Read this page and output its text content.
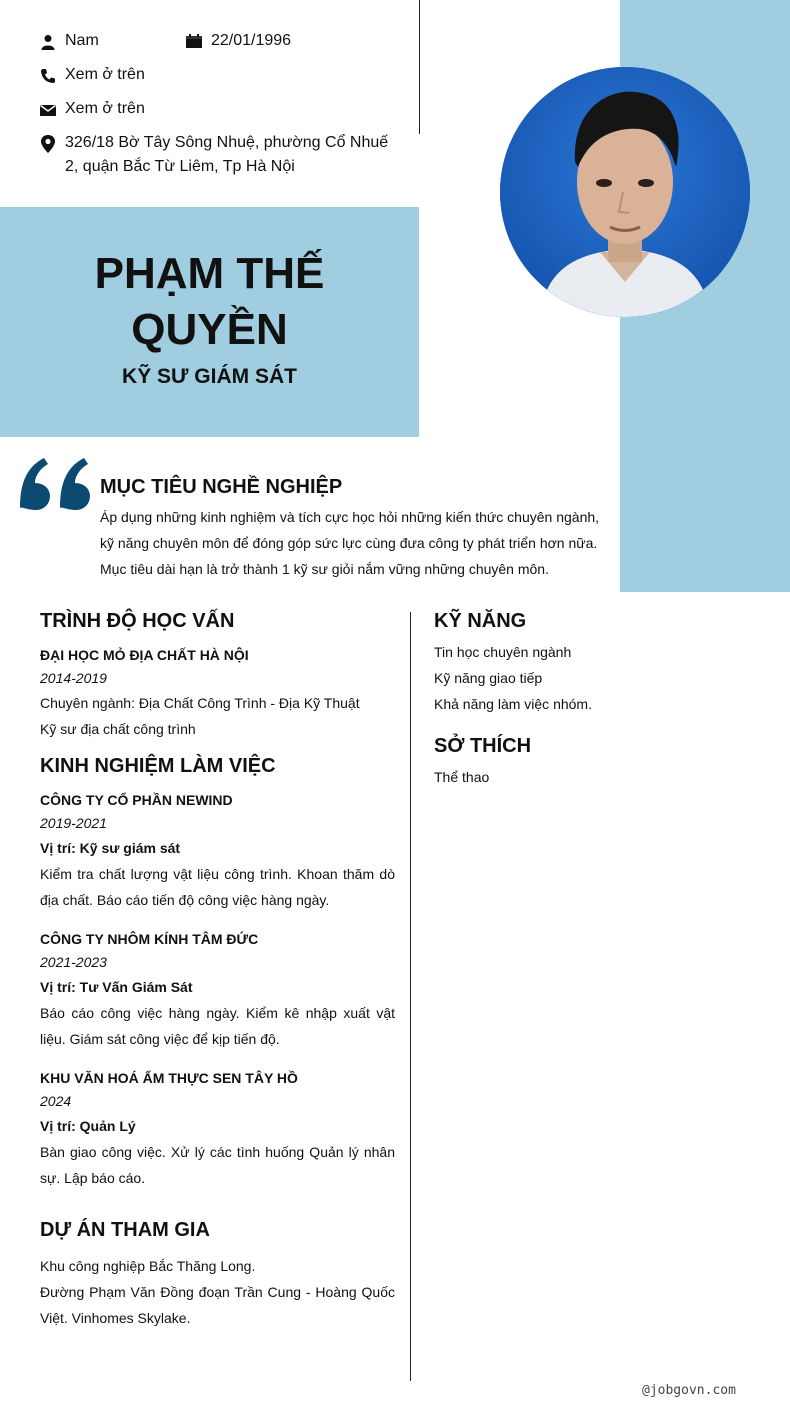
Nam	22/01/1996
Xem ở trên
Xem ở trên
326/18 Bờ Tây Sông Nhuệ, phường Cổ Nhuế
2, quận Bắc Từ Liêm, Tp Hà Nội
PHẠM THẾ
QUYỀN
KỸ SƯ GIÁM SÁT
MỤC TIÊU NGHỀ NGHIỆP
Áp dụng những kinh nghiệm và tích cực học hỏi những kiến thức chuyên ngành,
kỹ năng chuyên môn để đóng góp sức lực cùng đưa công ty phát triển hơn nữa.
Mục tiêu dài hạn là trở thành 1 kỹ sư giỏi nắm vững những chuyên môn.
TRÌNH ĐỘ HỌC VẤN
ĐẠI HỌC MỎ ĐỊA CHẤT HÀ NỘI
2014-2019
Chuyên ngành: Địa Chất Công Trình - Địa Kỹ Thuật
Kỹ sư địa chất công trình
KINH NGHIỆM LÀM VIỆC
CÔNG TY CỔ PHẦN NEWIND
2019-2021
Vị trí: Kỹ sư giám sát
Kiểm tra chất lượng vật liệu công trình. Khoan thăm dò địa chất. Báo cáo tiến độ công việc hàng ngày.
CÔNG TY NHÔM KÍNH TÂM ĐỨC
2021-2023
Vị trí: Tư Vấn Giám Sát
Báo cáo công việc hàng ngày. Kiểm kê nhập xuất vật liệu. Giám sát công việc để kịp tiến độ.
KHU VĂN HOÁ ẨM THỰC SEN TÂY HỒ
2024
Vị trí: Quản Lý
Bàn giao công việc. Xử lý các tình huống Quản lý nhân sự. Lập báo cáo.
DỰ ÁN THAM GIA
Khu công nghiệp Bắc Thăng Long.
Đường Phạm Văn Đồng đoạn Trần Cung - Hoàng Quốc Việt. Vinhomes Skylake.
KỸ NĂNG
Tin học chuyên ngành
Kỹ năng giao tiếp
Khả năng làm việc nhóm.
SỞ THÍCH
Thể thao
@jobgovn.com
